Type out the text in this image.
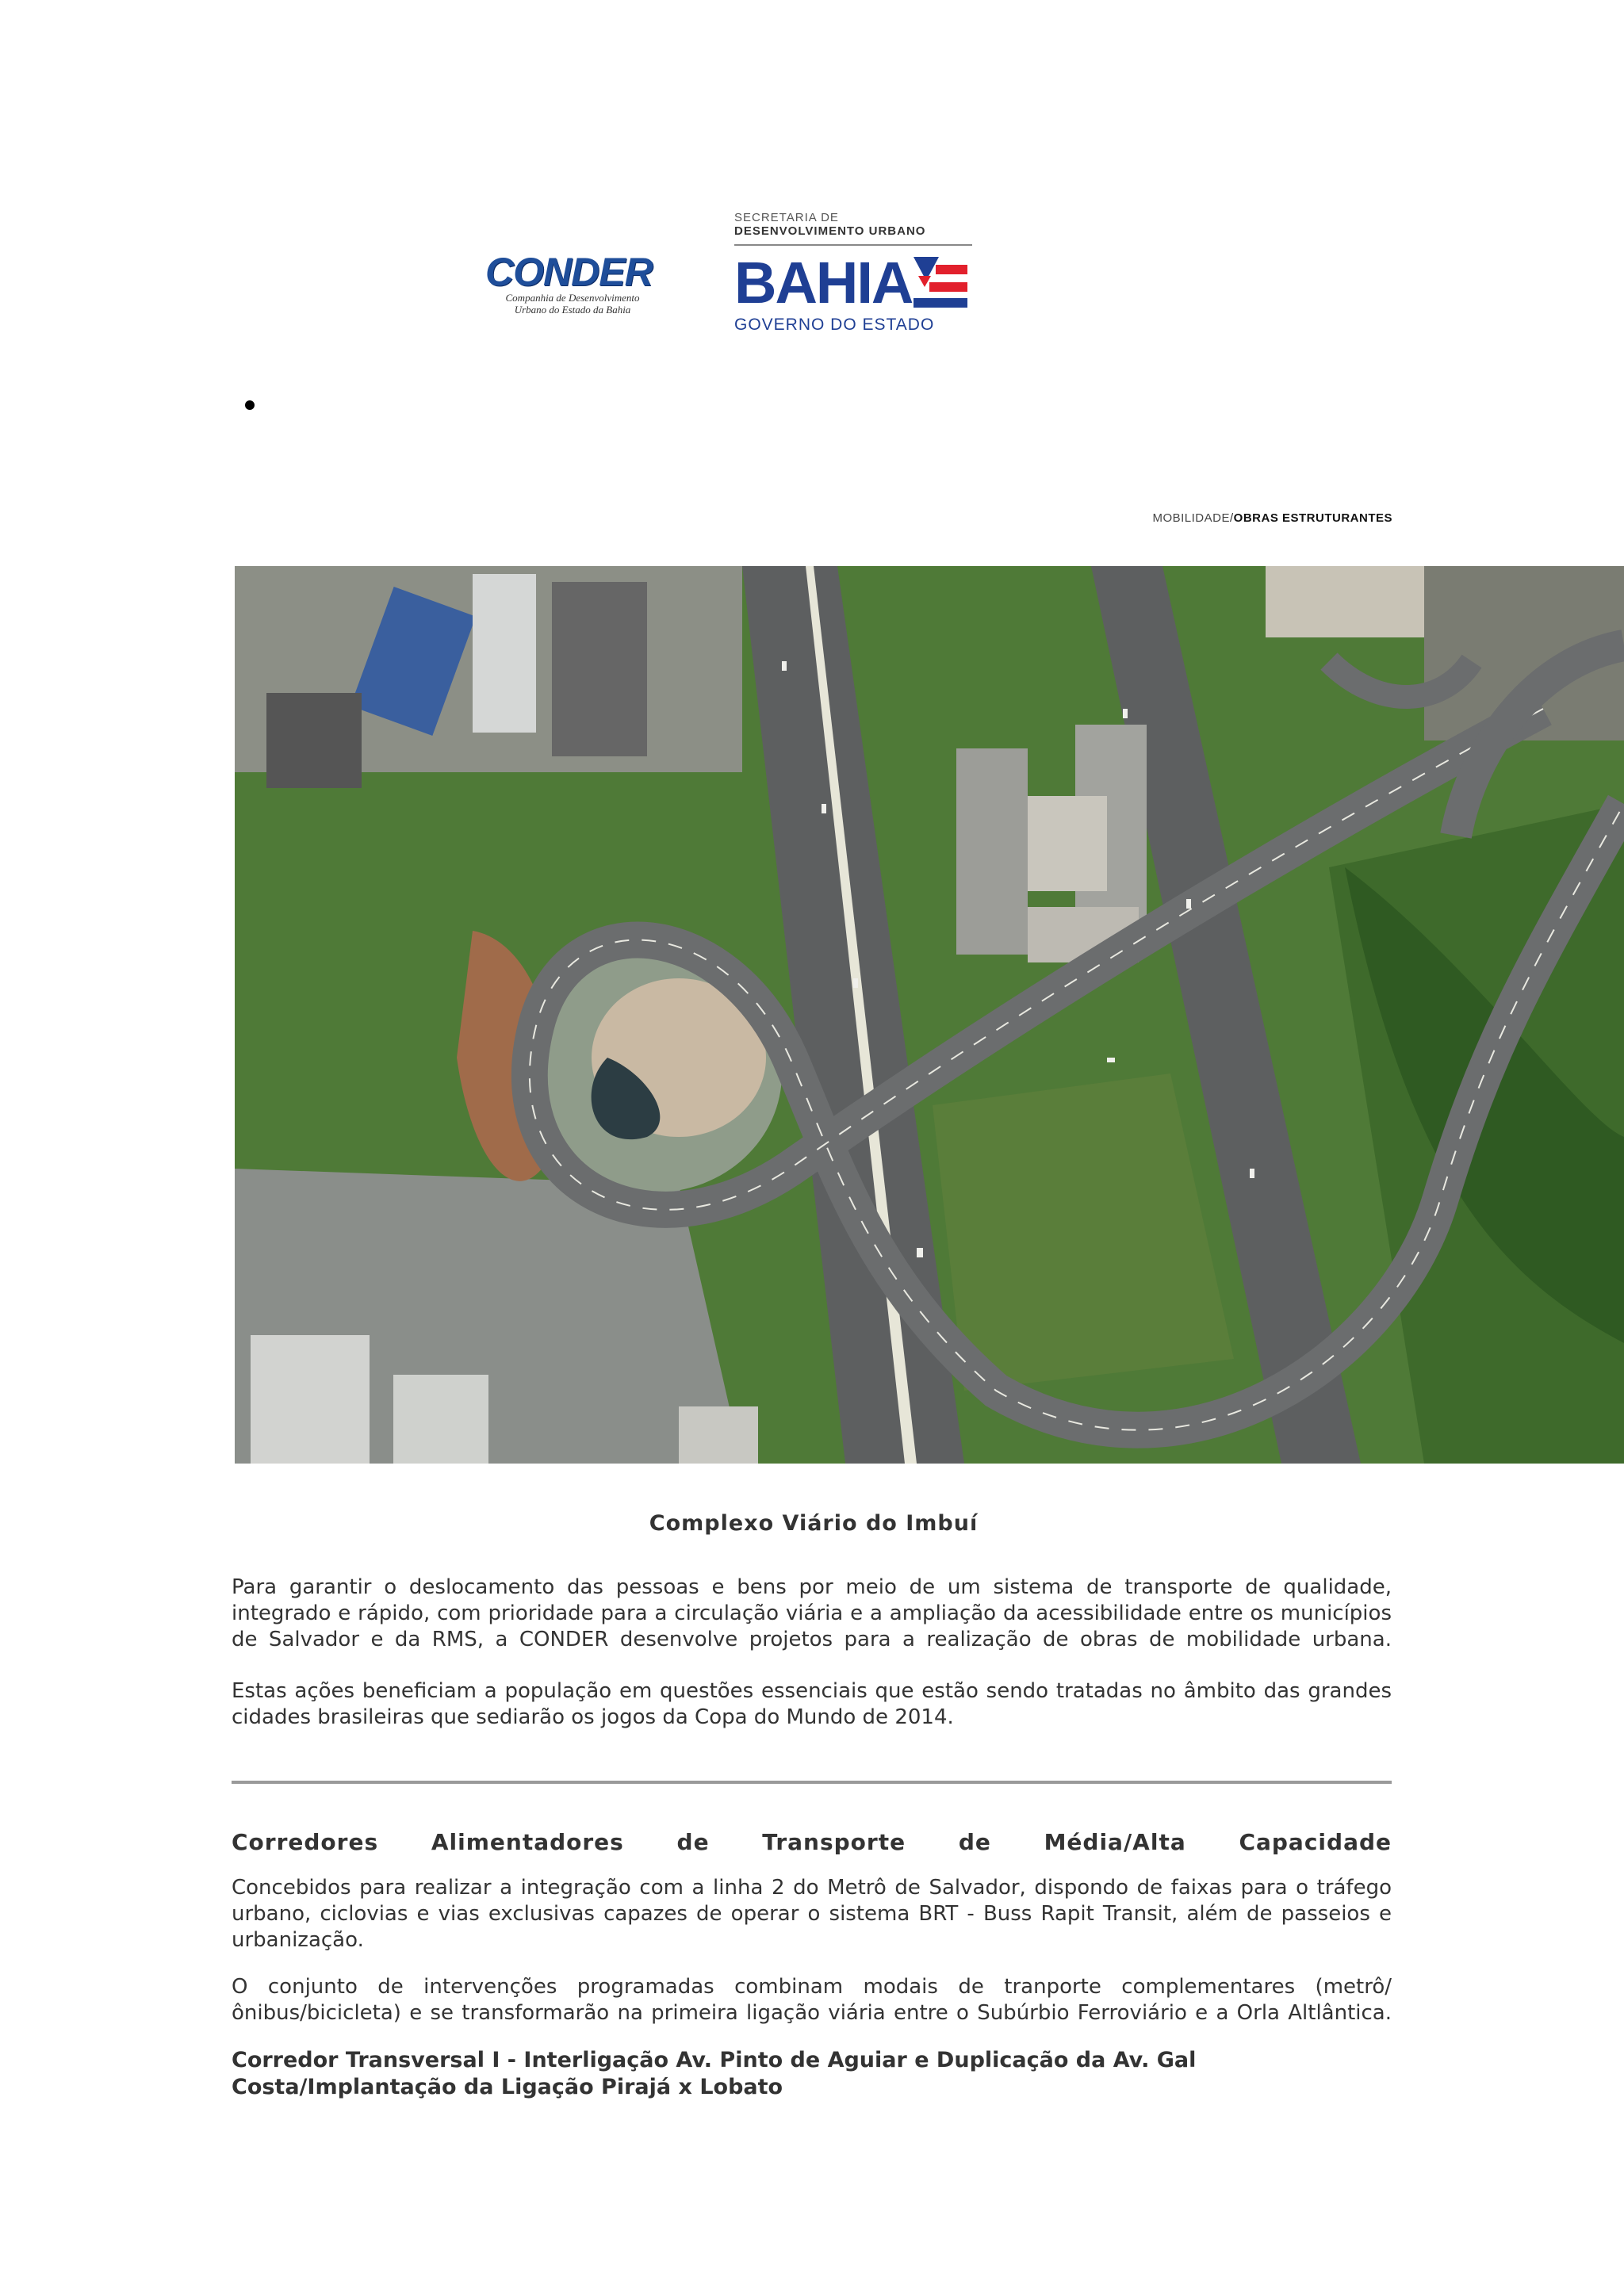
CONDER
Companhia de Desenvolvimento
Urbano do Estado da Bahia
SECRETARIA DE
DESENVOLVIMENTO URBANO
BAHIA
GOVERNO DO ESTADO
MOBILIDADE/OBRAS ESTRUTURANTES
Complexo Viário do Imbuí

Para garantir o deslocamento das pessoas e bens por meio de um sistema de transporte de qualidade, integrado e rápido, com prioridade para a circulação viária e a ampliação da acessibilidade entre os municípios de Salvador e da RMS, a CONDER desenvolve projetos para a realização de obras de mobilidade urbana.

Estas ações beneficiam a população em questões essenciais que estão sendo tratadas no âmbito das grandes cidades brasileiras que sediarão os jogos da Copa do Mundo de 2014.

Corredores Alimentadores de Transporte de Média/Alta Capacidade

Concebidos para realizar a integração com a linha 2 do Metrô de Salvador, dispondo de faixas para o tráfego urbano, ciclovias e vias exclusivas capazes de operar o sistema BRT - Buss Rapit Transit, além de passeios e urbanização.

O conjunto de intervenções programadas combinam modais de tranporte complementares (metrô/ônibus/bicicleta) e se transformarão na primeira ligação viária entre o Subúrbio Ferroviário e a Orla Altlântica.

Corredor Transversal I - Interligação Av. Pinto de Aguiar e Duplicação da Av. Gal Costa/Implantação da Ligação Pirajá x Lobato
